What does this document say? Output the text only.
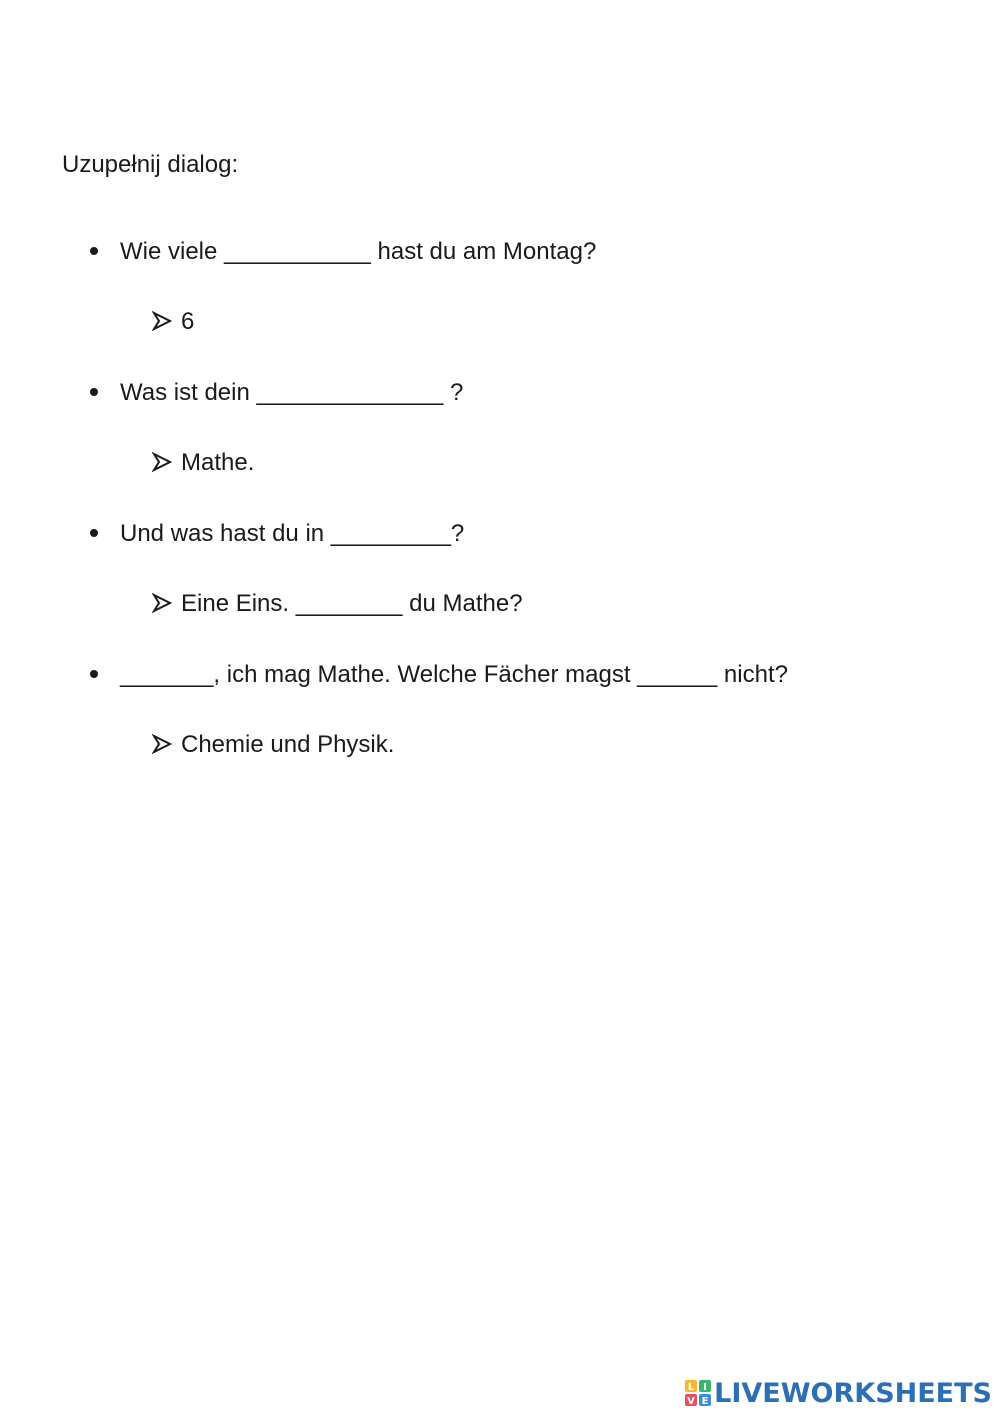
Uzupełnij dialog:
Wie viele ___________ hast du am Montag?
6
Was ist dein ______________ ?
Mathe.
Und was hast du in _________?
Eine Eins. ________ du Mathe?
_______, ich mag Mathe. Welche Fächer magst ______ nicht?
Chemie und Physik.
L I
V E LIVEWORKSHEETS
